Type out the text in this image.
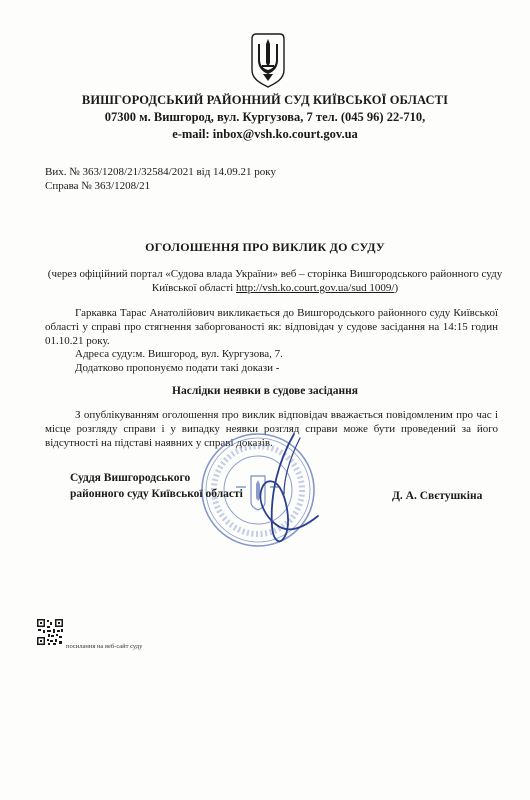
ВИШГОРОДСЬКИЙ РАЙОННИЙ СУД КИЇВСЬКОЇ ОБЛАСТІ
07300 м. Вишгород, вул. Кургузова, 7 тел. (045 96) 22-710,
e-mail: inbox@vsh.ko.court.gov.ua
Вих. № 363/1208/21/32584/2021 від 14.09.21 року
Справа № 363/1208/21
ОГОЛОШЕННЯ ПРО ВИКЛИК ДО СУДУ
(через офіційний портал «Судова влада України» веб – сторінка Вишгородського районного суду Київської області http://vsh.ko.court.gov.ua/sud 1009/)
Гаркавка Тарас Анатолійович викликається до Вишгородського районного суду Київської області у справі про стягнення заборгованості як: відповідач у судове засідання на 14:15 годин 01.10.21 року.
Адреса суду:м. Вишгород, вул. Кургузова, 7.
Додатково пропонуємо подати такі докази -
Наслідки неявки в судове засідання
З опублікуванням оголошення про виклик відповідач вважається повідомленим про час і місце розгляду справи і у випадку неявки розгляд справи може бути проведений за його відсутності на підставі наявних у справі доказів.
Суддя Вишгородського
районного суду Київської області	Д. А. Свєтушкіна
посилання на веб-сайт суду
